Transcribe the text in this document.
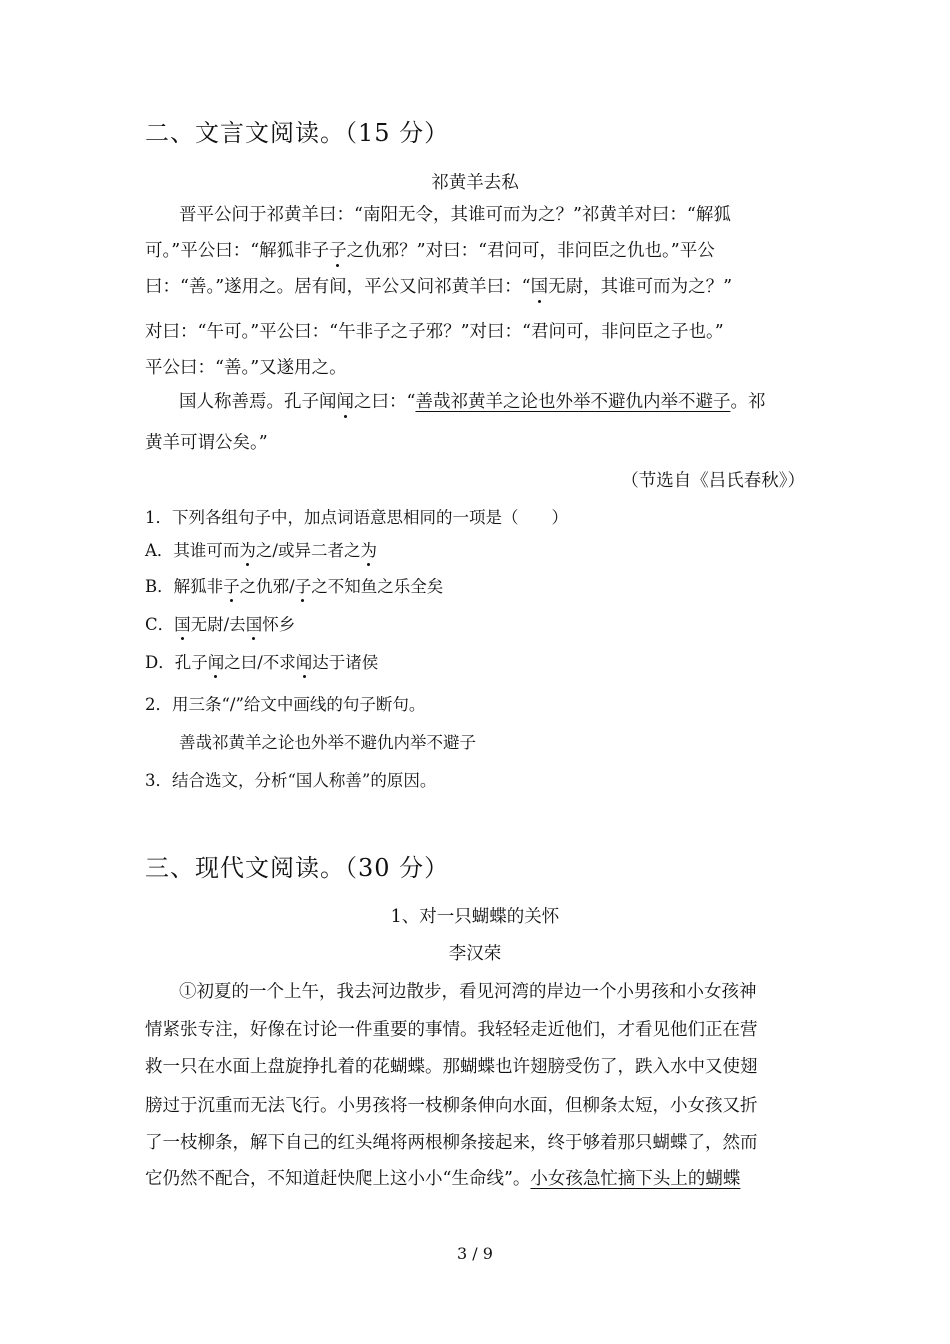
二、文言文阅读。（15 分）
祁黄羊去私
晋平公问于祁黄羊曰：“南阳无令，其谁可而为之？”祁黄羊对曰：“解狐
可。”平公曰：“解狐非子子之仇邪？”对曰：“君问可，非问臣之仇也。”平公
曰：“善。”遂用之。居有间，平公又问祁黄羊曰：“国无尉，其谁可而为之？”
对曰：“午可。”平公曰：“午非子之子邪？”对曰：“君问可，非问臣之子也。”
平公曰：“善。”又遂用之。
国人称善焉。孔子闻闻之曰：“善哉祁黄羊之论也外举不避仇内举不避子。祁
黄羊可谓公矣。”
（节选自《吕氏春秋》）
1．下列各组句子中，加点词语意思相同的一项是（　　）
A．其谁可而为之/或异二者之为
B．解狐非子之仇邪/子之不知鱼之乐全矣
C．国无尉/去国怀乡
D．孔子闻之曰/不求闻达于诸侯
2．用三条“/”给文中画线的句子断句。
善哉祁黄羊之论也外举不避仇内举不避子
3．结合选文，分析“国人称善”的原因。
三、现代文阅读。（30 分）
1、对一只蝴蝶的关怀
李汉荣
①初夏的一个上午，我去河边散步，看见河湾的岸边一个小男孩和小女孩神
情紧张专注，好像在讨论一件重要的事情。我轻轻走近他们，才看见他们正在营
救一只在水面上盘旋挣扎着的花蝴蝶。那蝴蝶也许翅膀受伤了，跌入水中又使翅
膀过于沉重而无法飞行。小男孩将一枝柳条伸向水面，但柳条太短，小女孩又折
了一枝柳条，解下自己的红头绳将两根柳条接起来，终于够着那只蝴蝶了，然而
它仍然不配合，不知道赶快爬上这小小“生命线”。小女孩急忙摘下头上的蝴蝶
3 / 9
